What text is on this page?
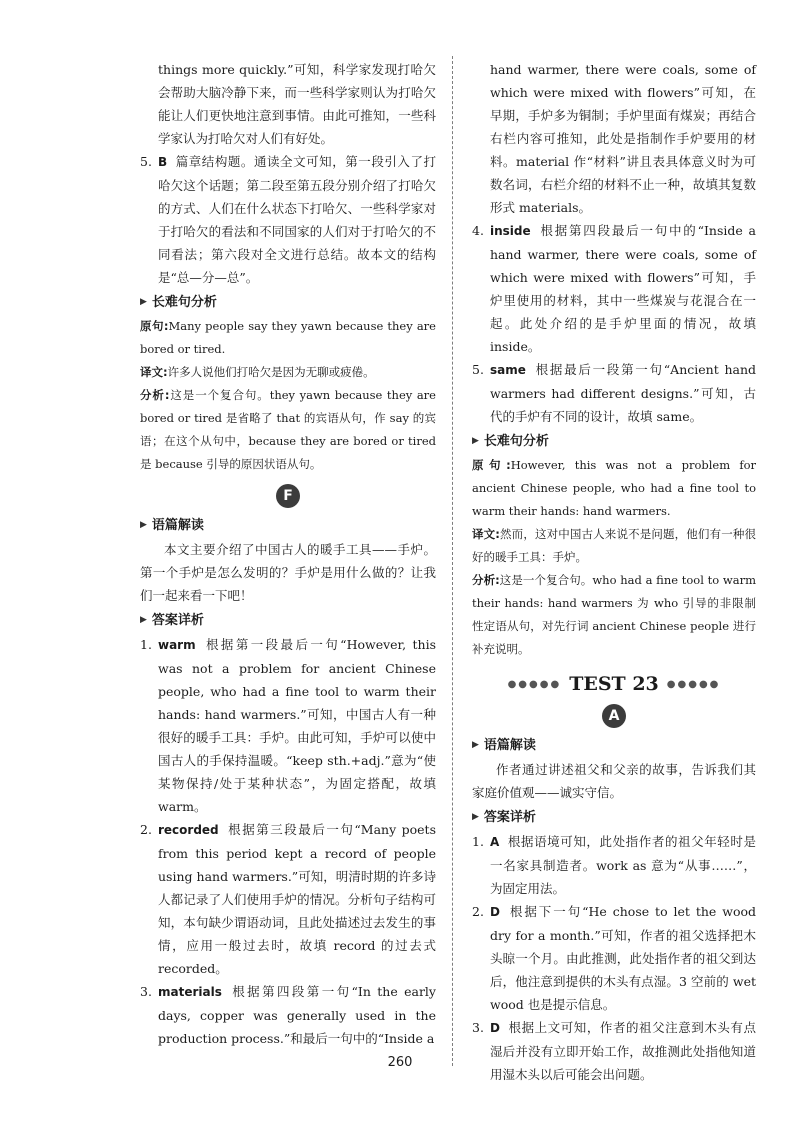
things more quickly.”可知，科学家发现打哈欠会帮助大脑冷静下来，而一些科学家则认为打哈欠能让人们更快地注意到事情。由此可推知，一些科学家认为打哈欠对人们有好处。

5. B 篇章结构题。通读全文可知，第一段引入了打哈欠这个话题；第二段至第五段分别介绍了打哈欠的方式、人们在什么状态下打哈欠、一些科学家对于打哈欠的看法和不同国家的人们对于打哈欠的不同看法；第六段对全文进行总结。故本文的结构是“总—分—总”。

▶ 长难句分析

原句:Many people say they yawn because they are bored or tired.

译文:许多人说他们打哈欠是因为无聊或疲倦。

分析:这是一个复合句。they yawn because they are bored or tired 是省略了 that 的宾语从句，作 say 的宾语；在这个从句中，because they are bored or tired 是 because 引导的原因状语从句。

F
▶ 语篇解读

本文主要介绍了中国古人的暖手工具——手炉。第一个手炉是怎么发明的？手炉是用什么做的？让我们一起来看一下吧！

▶ 答案详析

1. warm 根据第一段最后一句“However, this was not a problem for ancient Chinese people, who had a fine tool to warm their hands: hand warmers.”可知，中国古人有一种很好的暖手工具：手炉。由此可知，手炉可以使中国古人的手保持温暖。“keep sth.+adj.”意为“使某物保持/处于某种状态”，为固定搭配，故填 warm。

2. recorded 根据第三段最后一句“Many poets from this period kept a record of people using hand warmers.”可知，明清时期的许多诗人都记录了人们使用手炉的情况。分析句子结构可知，本句缺少谓语动词，且此处描述过去发生的事情，应用一般过去时，故填 record 的过去式 recorded。

3. materials 根据第四段第一句“In the early days, copper was generally used in the production process.”和最后一句中的“Inside a

hand warmer, there were coals, some of which were mixed with flowers”可知，在早期，手炉多为铜制；手炉里面有煤炭；再结合右栏内容可推知，此处是指制作手炉要用的材料。material 作“材料”讲且表具体意义时为可数名词，右栏介绍的材料不止一种，故填其复数形式 materials。

4. inside 根据第四段最后一句中的“Inside a hand warmer, there were coals, some of which were mixed with flowers”可知，手炉里使用的材料，其中一些煤炭与花混合在一起。此处介绍的是手炉里面的情况，故填 inside。

5. same 根据最后一段第一句“Ancient hand warmers had different designs.”可知，古代的手炉有不同的设计，故填 same。

▶ 长难句分析

原句:However, this was not a problem for ancient Chinese people, who had a fine tool to warm their hands: hand warmers.

译文:然而，这对中国古人来说不是问题，他们有一种很好的暖手工具：手炉。

分析:这是一个复合句。who had a fine tool to warm their hands: hand warmers 为 who 引导的非限制性定语从句，对先行词 ancient Chinese people 进行补充说明。

●●●●● TEST 23 ●●●●●
A
▶ 语篇解读

作者通过讲述祖父和父亲的故事，告诉我们其家庭价值观——诚实守信。

▶ 答案详析

1. A 根据语境可知，此处指作者的祖父年轻时是一名家具制造者。work as 意为“从事……”，为固定用法。

2. D 根据下一句“He chose to let the wood dry for a month.”可知，作者的祖父选择把木头晾一个月。由此推测，此处指作者的祖父到达后，他注意到提供的木头有点湿。3 空前的 wet wood 也是提示信息。

3. D 根据上文可知，作者的祖父注意到木头有点湿后并没有立即开始工作，故推测此处指他知道用湿木头以后可能会出问题。

260
